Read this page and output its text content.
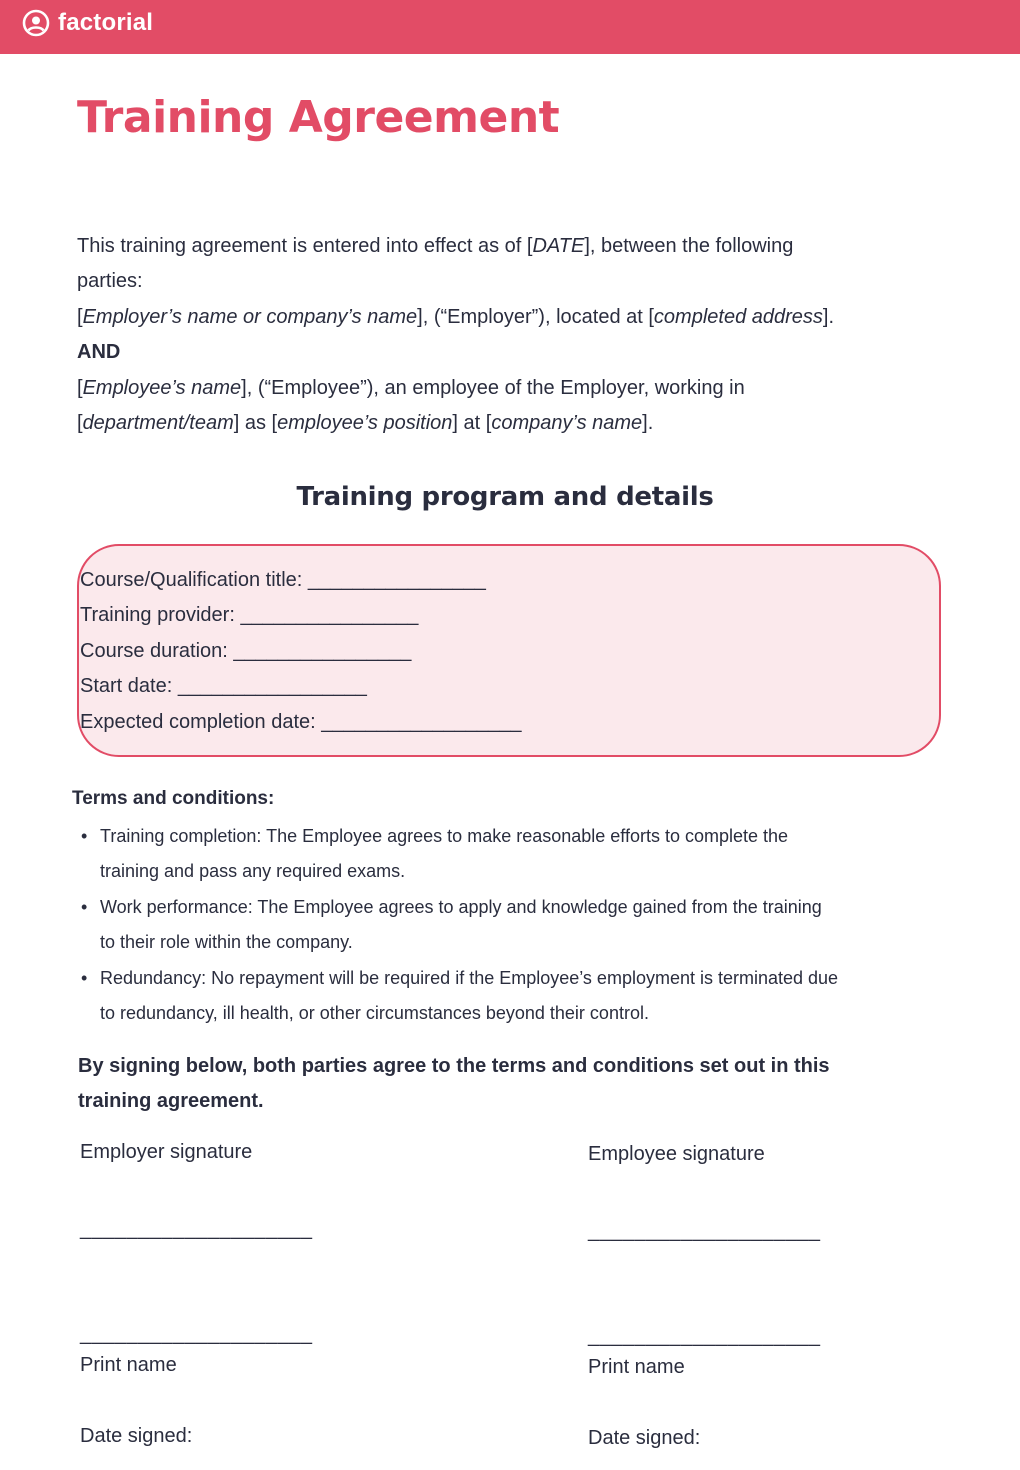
factorial
Training Agreement

This training agreement is entered into effect as of [DATE], between the following

parties:

[Employer’s name or company’s name], (“Employer”), located at [completed address].

AND

[Employee’s name], (“Employee”), an employee of the Employer, working in

[department/team] as [employee’s position] at [company’s name].

Training program and details
Course/Qualification title: ________________
Training provider: ________________
Course duration: ________________
Start date: _________________
Expected completion date: __________________
Terms and conditions:
• Training completion: The Employee agrees to make reasonable efforts to complete the
training and pass any required exams.
• Work performance: The Employee agrees to apply and knowledge gained from the training
to their role within the company.
• Redundancy: No repayment will be required if the Employee’s employment is terminated due
to redundancy, ill health, or other circumstances beyond their control.
By signing below, both parties agree to the terms and conditions set out in this
training agreement.
Employer signature
____________________
____________________
Print name
Date signed:
Employee signature
____________________
____________________
Print name
Date signed:
